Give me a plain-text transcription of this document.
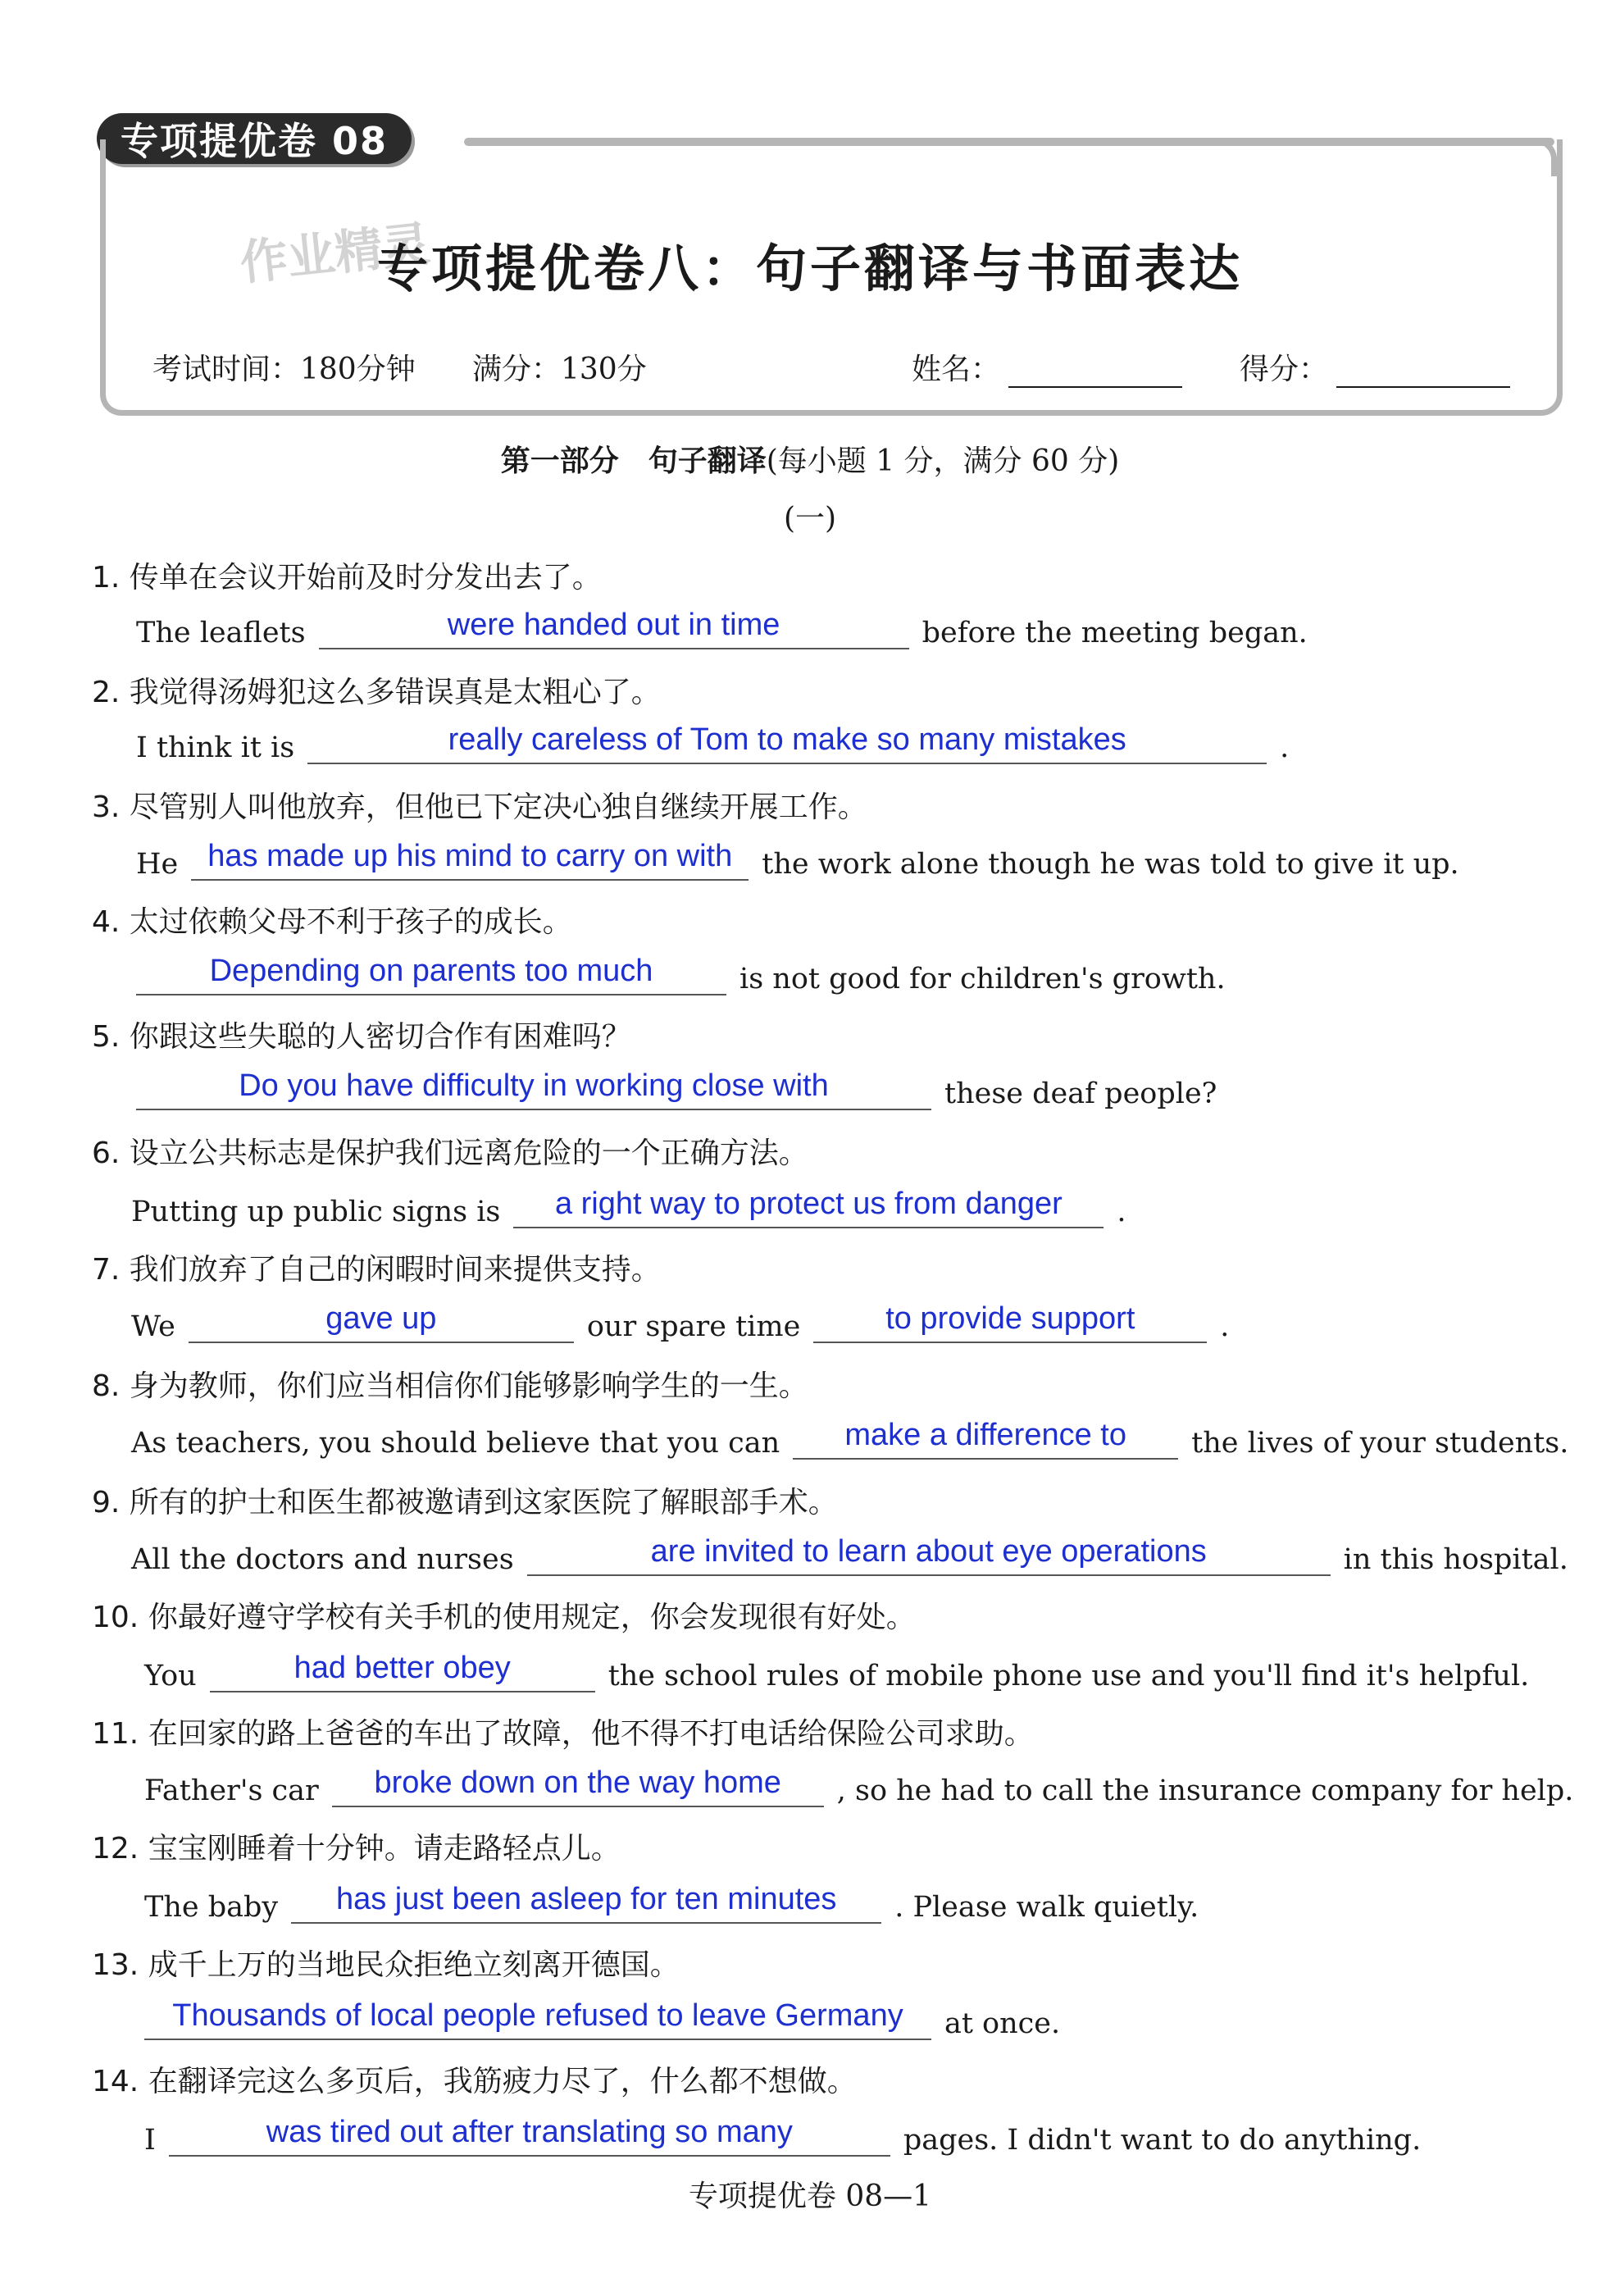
专项提优卷 08
作业精灵
专项提优卷八：句子翻译与书面表达
考试时间：180分钟 满分：130分	姓名：	得分：
第一部分　句子翻译(每小题 1 分，满分 60 分)
(一)
1. 传单在会议开始前及时分发出去了。
The leaflets	were handed out in time	before the meeting began.
2. 我觉得汤姆犯这么多错误真是太粗心了。
I think it is	really careless of Tom to make so many mistakes	.
3. 尽管别人叫他放弃，但他已下定决心独自继续开展工作。
He has made up his mind to carry on with	the work alone though he was told to give it up.
4. 太过依赖父母不利于孩子的成长。
Depending on parents too much	is not good for children's growth.
5. 你跟这些失聪的人密切合作有困难吗？
Do you have difficulty in working close with	these deaf people?
6. 设立公共标志是保护我们远离危险的一个正确方法。
Putting up public signs is	a right way to protect us from danger	.
7. 我们放弃了自己的闲暇时间来提供支持。
We	gave up	our spare time	to provide support	.
8. 身为教师，你们应当相信你们能够影响学生的一生。
As teachers, you should believe that you can	make a difference to	the lives of your students.
9. 所有的护士和医生都被邀请到这家医院了解眼部手术。
All the doctors and nurses	are invited to learn about eye operations	in this hospital.
10. 你最好遵守学校有关手机的使用规定，你会发现很有好处。
You	had better obey	the school rules of mobile phone use and you'll find it's helpful.
11. 在回家的路上爸爸的车出了故障，他不得不打电话给保险公司求助。
Father's car	broke down on the way home	, so he had to call the insurance company for help.
12. 宝宝刚睡着十分钟。请走路轻点儿。
The baby	has just been asleep for ten minutes	. Please walk quietly.
13. 成千上万的当地民众拒绝立刻离开德国。
Thousands of local people refused to leave Germany	at once.
14. 在翻译完这么多页后，我筋疲力尽了，什么都不想做。
I	was tired out after translating so many	pages. I didn't want to do anything.
专项提优卷 08—1
